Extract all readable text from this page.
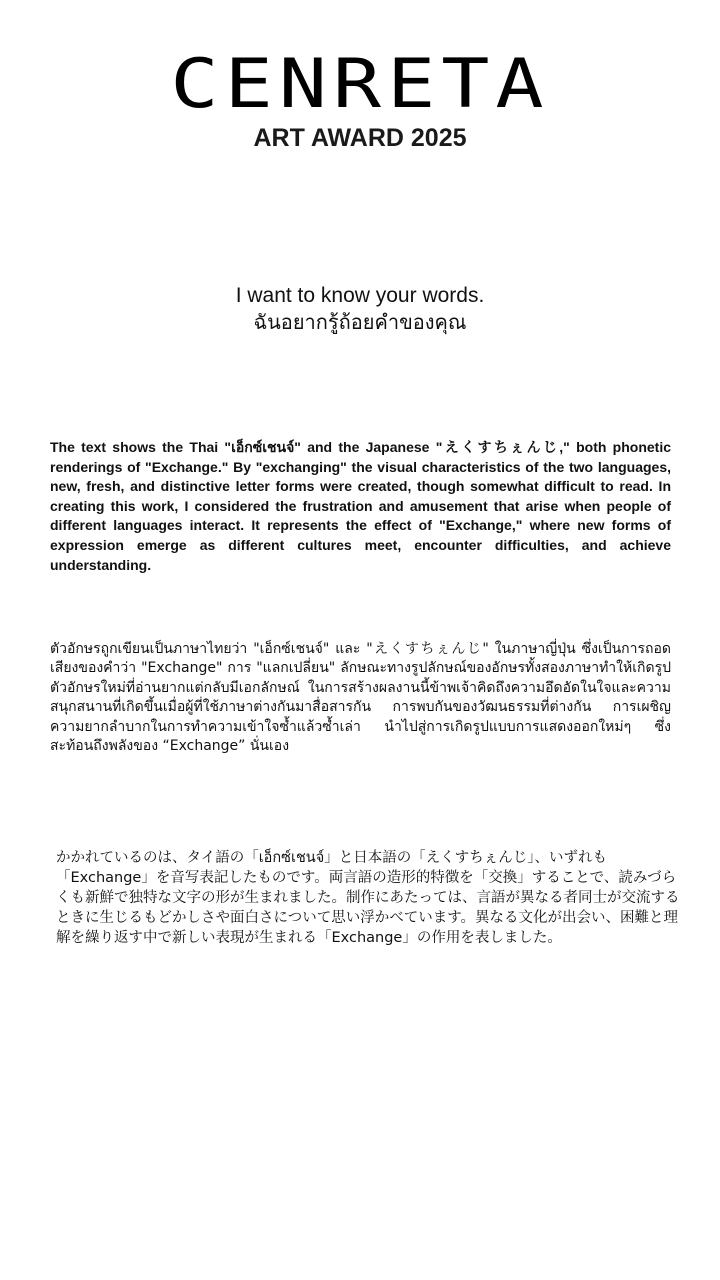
CENRETA
ART AWARD 2025
I want to know your words.
ฉันอยากรู้ถ้อยคำของคุณ

The text shows the Thai "เอ็กซ์เชนจ์" and the Japanese "えくすちぇんじ," both phonetic renderings of "Exchange." By "exchanging" the visual characteristics of the two languages, new, fresh, and distinctive letter forms were created, though somewhat difficult to read. In creating this work, I considered the frustration and amusement that arise when people of different languages interact. It represents the effect of "Exchange," where new forms of expression emerge as different cultures meet, encounter difficulties, and achieve understanding.

ตัวอักษรถูกเขียนเป็นภาษาไทยว่า "เอ็กซ์เชนจ์" และ "えくすちぇんじ" ในภาษาญี่ปุ่น ซึ่งเป็นการถอดเสียงของคำว่า "Exchange" การ "แลกเปลี่ยน" ลักษณะทางรูปลักษณ์ของอักษรทั้งสองภาษาทำให้เกิดรูปตัวอักษรใหม่ที่อ่านยากแต่กลับมีเอกลักษณ์ ในการสร้างผลงานนี้ข้าพเจ้าคิดถึงความอึดอัดในใจและความสนุกสนานที่เกิดขึ้นเมื่อผู้ที่ใช้ภาษาต่างกันมาสื่อสารกัน การพบกันของวัฒนธรรมที่ต่างกัน การเผชิญความยากลำบากในการทำความเข้าใจซ้ำแล้วซ้ำเล่า นำไปสู่การเกิดรูปแบบการแสดงออกใหม่ๆ ซึ่งสะท้อนถึงพลังของ “Exchange” นั่นเอง

かかれているのは、タイ語の「เอ็กซ์เชนจ์」と日本語の「えくすちぇんじ」、いずれも「Exchange」を音写表記したものです。両言語の造形的特徴を「交換」することで、読みづらくも新鮮で独特な文字の形が生まれました。制作にあたっては、言語が異なる者同士が交流するときに生じるもどかしさや面白さについて思い浮かべています。異なる文化が出会い、困難と理解を繰り返す中で新しい表現が生まれる「Exchange」の作用を表しました。
